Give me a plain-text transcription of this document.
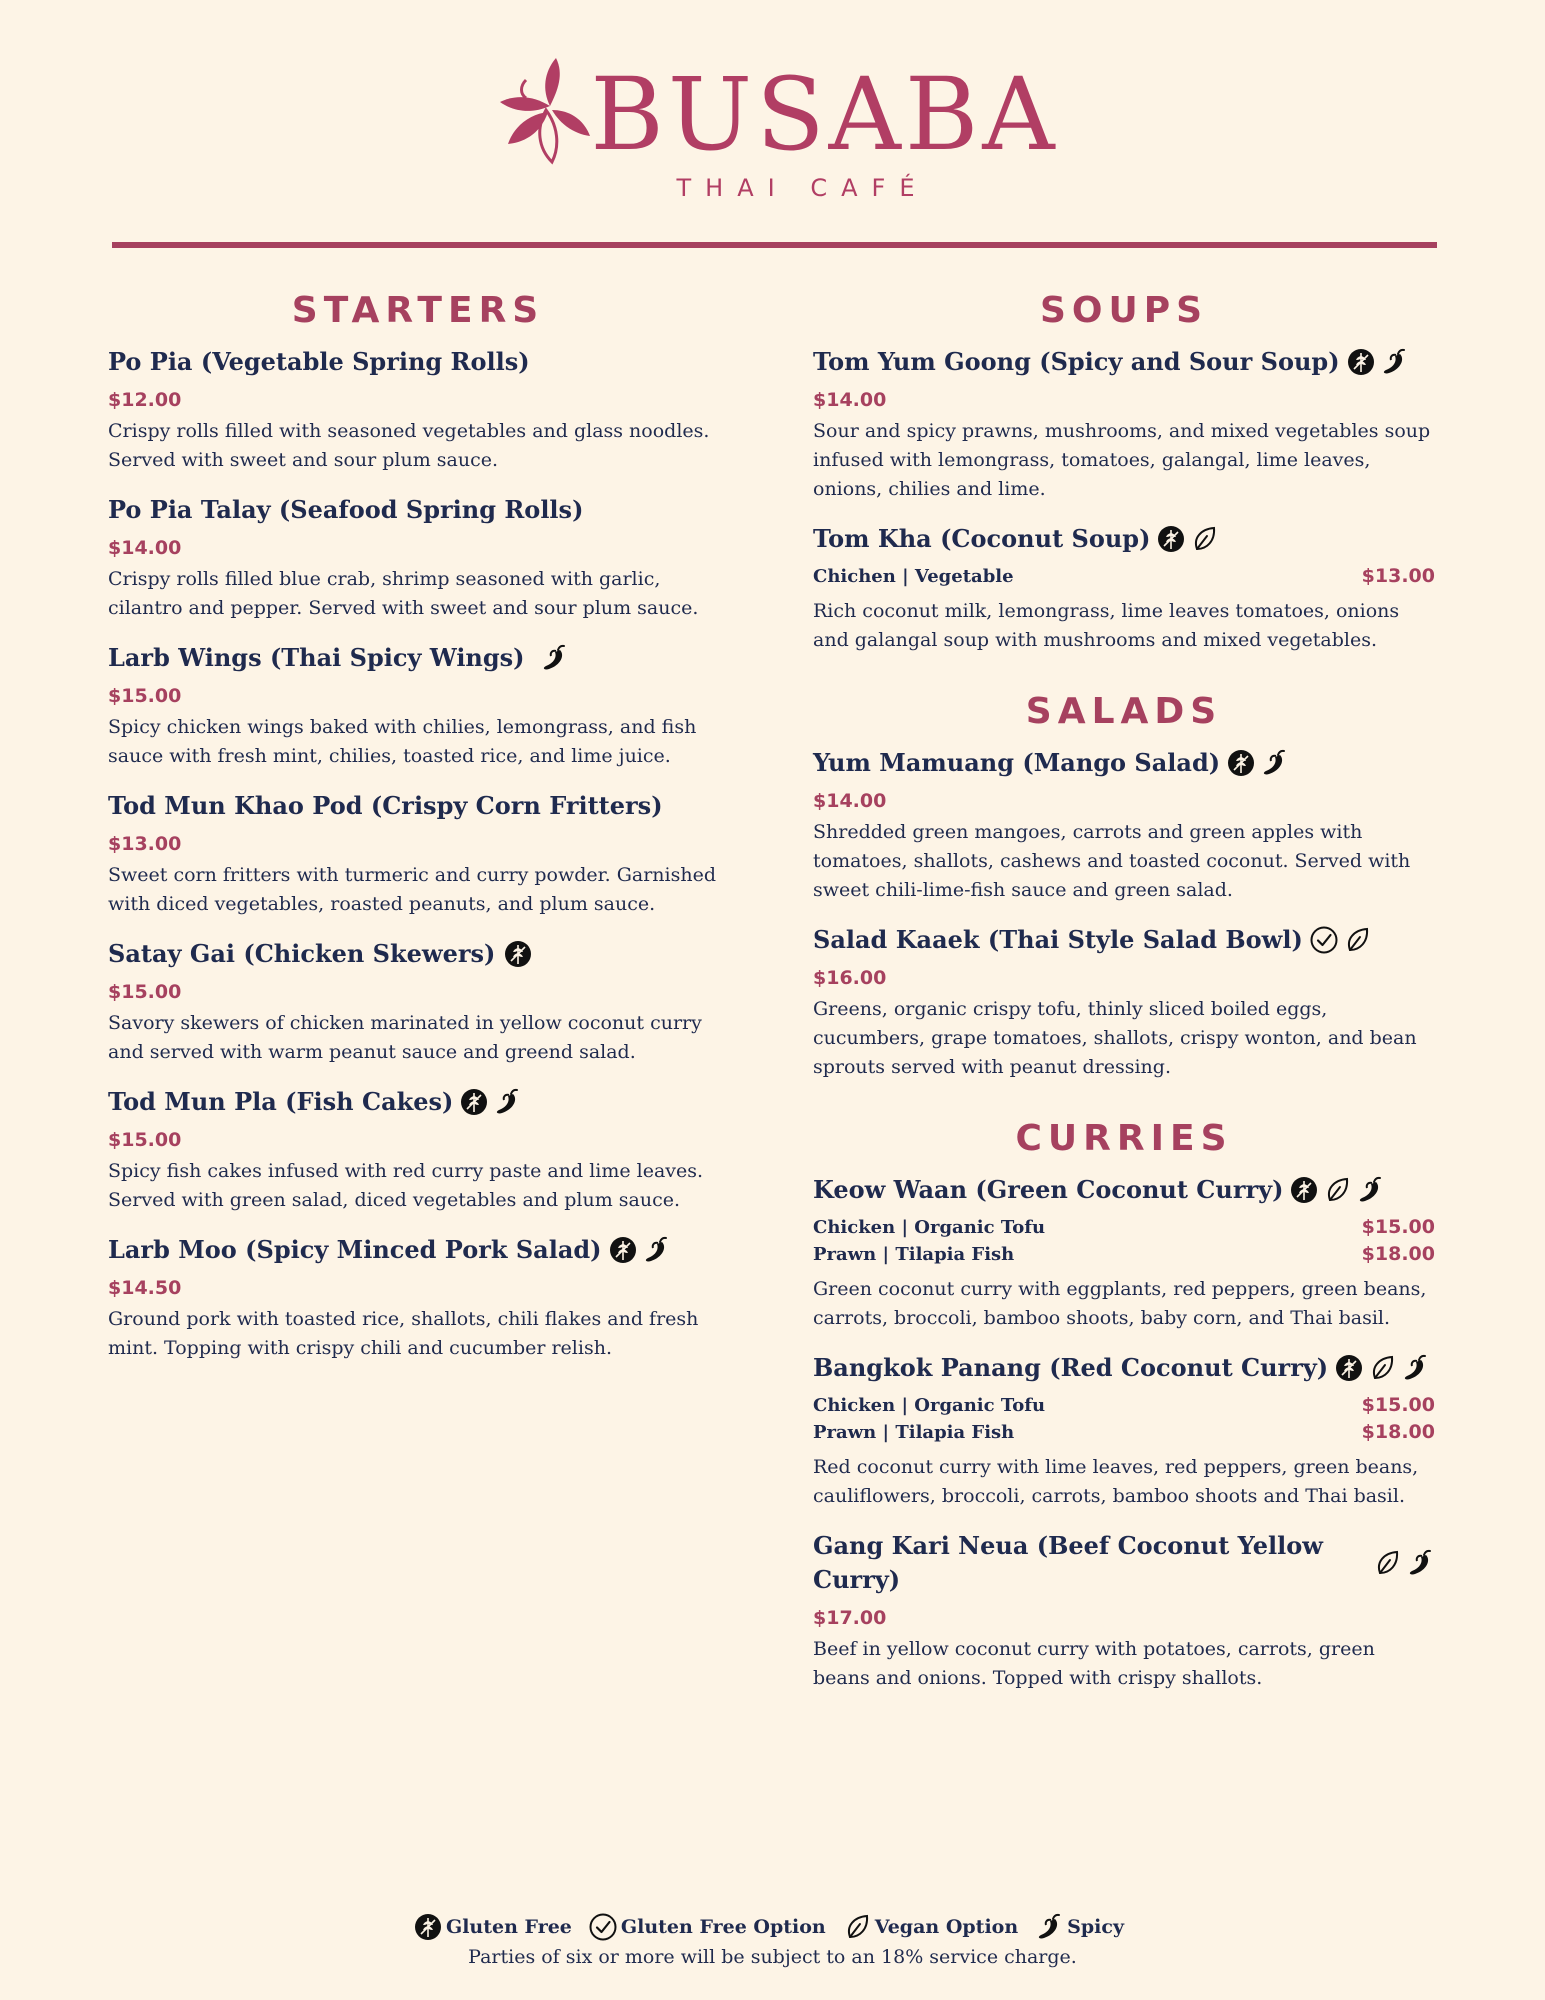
BUSABA
THAI CAFÉ
STARTERS
Po Pia (Vegetable Spring Rolls)
$12.00
Crispy rolls filled with seasoned vegetables and glass noodles. Served with sweet and sour plum sauce.
Po Pia Talay (Seafood Spring Rolls)
$14.00
Crispy rolls filled blue crab, shrimp seasoned with garlic, cilantro and pepper. Served with sweet and sour plum sauce.
Larb Wings (Thai Spicy Wings)
$15.00
Spicy chicken wings baked with chilies, lemongrass, and fish sauce with fresh mint, chilies, toasted rice, and lime juice.
Tod Mun Khao Pod (Crispy Corn Fritters)
$13.00
Sweet corn fritters with turmeric and curry powder. Garnished with diced vegetables, roasted peanuts, and plum sauce.
Satay Gai (Chicken Skewers)
$15.00
Savory skewers of chicken marinated in yellow coconut curry and served with warm peanut sauce and greend salad.
Tod Mun Pla (Fish Cakes)
$15.00
Spicy fish cakes infused with red curry paste and lime leaves. Served with green salad, diced vegetables and plum sauce.
Larb Moo (Spicy Minced Pork Salad)
$14.50
Ground pork with toasted rice, shallots, chili flakes and fresh mint. Topping with crispy chili and cucumber relish.
SOUPS
Tom Yum Goong (Spicy and Sour Soup)
$14.00
Sour and spicy prawns, mushrooms, and mixed vegetables soup infused with lemongrass, tomatoes, galangal, lime leaves, onions, chilies and lime.
Tom Kha (Coconut Soup)
Chichen | Vegetable	$13.00
Rich coconut milk, lemongrass, lime leaves tomatoes, onions and galangal soup with mushrooms and mixed vegetables.
SALADS
Yum Mamuang (Mango Salad)
$14.00
Shredded green mangoes, carrots and green apples with tomatoes, shallots, cashews and toasted coconut. Served with sweet chili-lime-fish sauce and green salad.
Salad Kaaek (Thai Style Salad Bowl)
$16.00
Greens, organic crispy tofu, thinly sliced boiled eggs, cucumbers, grape tomatoes, shallots, crispy wonton, and bean sprouts served with peanut dressing.
CURRIES
Keow Waan (Green Coconut Curry)
Chicken | Organic Tofu	$15.00
Prawn | Tilapia Fish	$18.00
Green coconut curry with eggplants, red peppers, green beans, carrots, broccoli, bamboo shoots, baby corn, and Thai basil.
Bangkok Panang (Red Coconut Curry)
Chicken | Organic Tofu	$15.00
Prawn | Tilapia Fish	$18.00
Red coconut curry with lime leaves, red peppers, green beans, cauliflowers, broccoli, carrots, bamboo shoots and Thai basil.
Gang Kari Neua (Beef Coconut Yellow Curry)
$17.00
Beef in yellow coconut curry with potatoes, carrots, green beans and onions. Topped with crispy shallots.
Gluten Free	Gluten Free Option	Vegan Option	Spicy
Parties of six or more will be subject to an 18% service charge.
